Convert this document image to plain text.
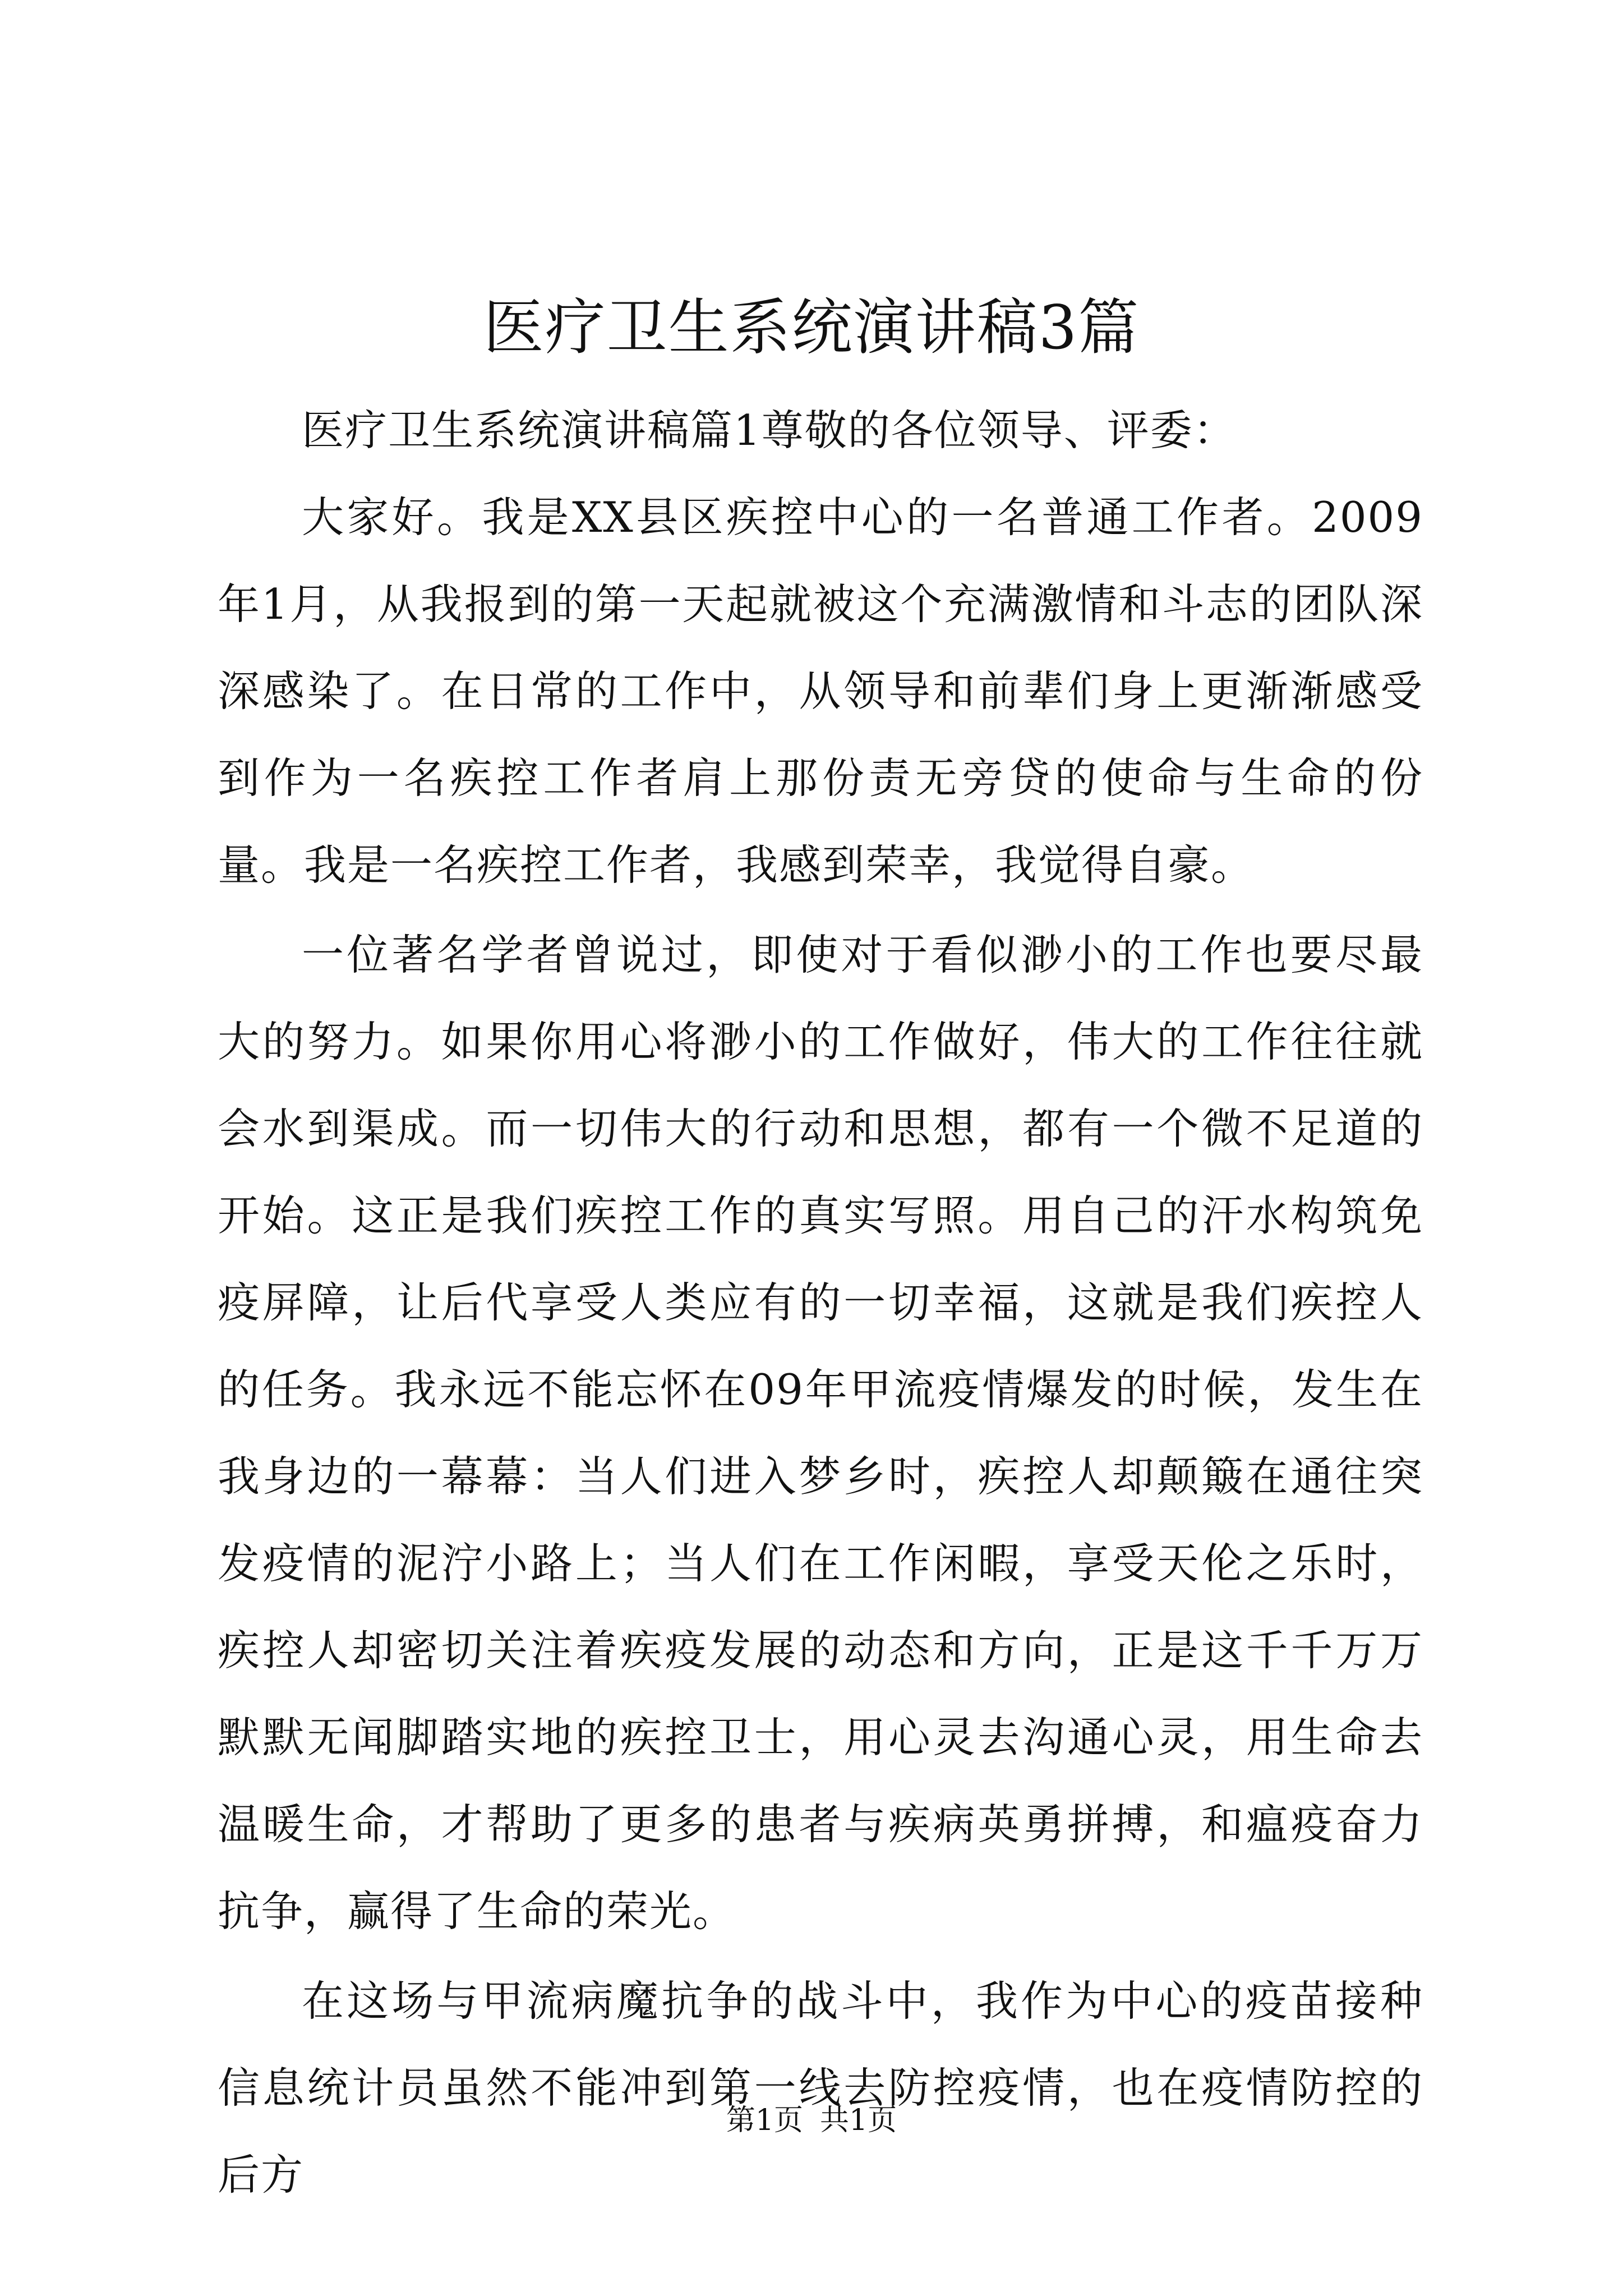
医疗卫生系统演讲稿3篇

医疗卫生系统演讲稿篇1尊敬的各位领导、评委：

大家好。我是XX县区疾控中心的一名普通工作者。2009年1月，从我报到的第一天起就被这个充满激情和斗志的团队深深感染了。在日常的工作中，从领导和前辈们身上更渐渐感受到作为一名疾控工作者肩上那份责无旁贷的使命与生命的份量。我是一名疾控工作者，我感到荣幸，我觉得自豪。

一位著名学者曾说过，即使对于看似渺小的工作也要尽最大的努力。如果你用心将渺小的工作做好，伟大的工作往往就会水到渠成。而一切伟大的行动和思想，都有一个微不足道的开始。这正是我们疾控工作的真实写照。用自己的汗水构筑免疫屏障，让后代享受人类应有的一切幸福，这就是我们疾控人的任务。我永远不能忘怀在09年甲流疫情爆发的时候，发生在我身边的一幕幕：当人们进入梦乡时，疾控人却颠簸在通往突发疫情的泥泞小路上；当人们在工作闲暇，享受天伦之乐时，疾控人却密切关注着疾疫发展的动态和方向，正是这千千万万默默无闻脚踏实地的疾控卫士，用心灵去沟通心灵，用生命去温暖生命，才帮助了更多的患者与疾病英勇拼搏，和瘟疫奋力抗争，赢得了生命的荣光。

在这场与甲流病魔抗争的战斗中，我作为中心的疫苗接种信息统计员虽然不能冲到第一线去防控疫情，也在疫情防控的后方

第1页 共1页
